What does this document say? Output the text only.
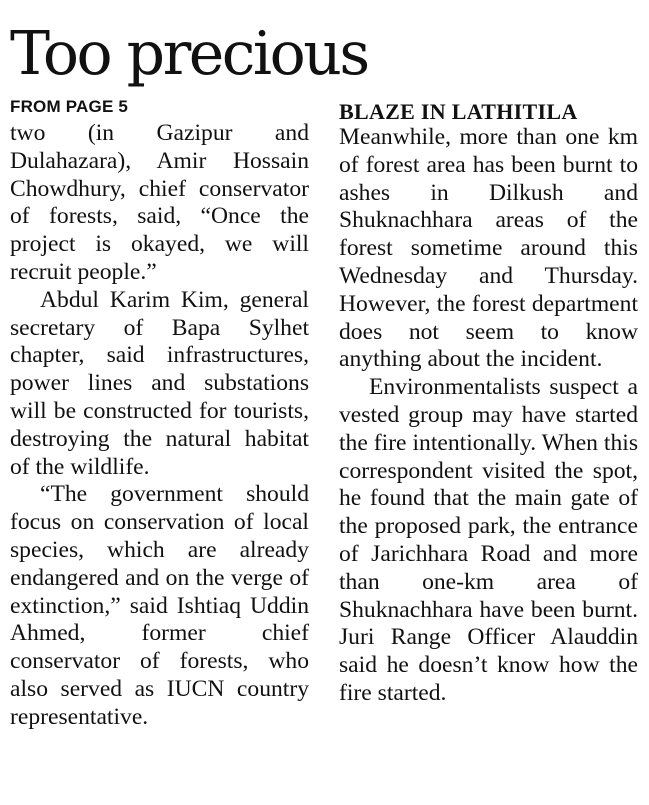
Too precious
FROM PAGE 5

two (in Gazipur and Dulahazara), Amir Hossain Chowdhury, chief conservator of forests, said, “Once the project is okayed, we will recruit people.”

Abdul Karim Kim, general secretary of Bapa Sylhet chapter, said infrastructures, power lines and substations will be constructed for tourists, destroying the natural habitat of the wildlife.

“The government should focus on conservation of local species, which are already endangered and on the verge of extinction,” said Ishtiaq Uddin Ahmed, former chief conservator of forests, who also served as IUCN country representative.

BLAZE IN LATHITILA

Meanwhile, more than one km of forest area has been burnt to ashes in Dilkush and Shuknachhara areas of the forest sometime around this Wednesday and Thursday. However, the forest department does not seem to know anything about the incident.

Environmentalists suspect a vested group may have started the fire intentionally. When this correspondent visited the spot, he found that the main gate of the proposed park, the entrance of Jarichhara Road and more than one-km area of Shuknachhara have been burnt. Juri Range Officer Alauddin said he doesn’t know how the fire started.
